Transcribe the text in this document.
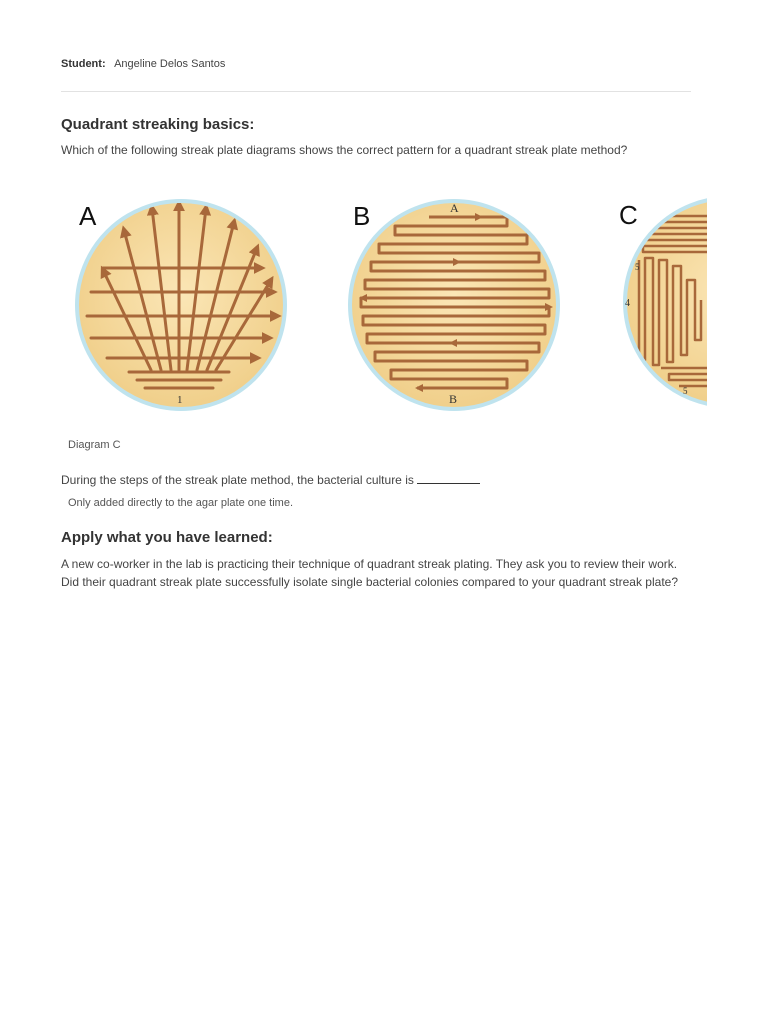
Student: Angeline Delos Santos
Quadrant streaking basics:
Which of the following streak plate diagrams shows the correct pattern for a quadrant streak plate method?
A
1
B	A
B
C
5
4
5
Diagram C
During the steps of the streak plate method, the bacterial culture is
Only added directly to the agar plate one time.
Apply what you have learned:
A new co-worker in the lab is practicing their technique of quadrant streak plating. They ask you to review their work. Did their quadrant streak plate successfully isolate single bacterial colonies compared to your quadrant streak plate?
